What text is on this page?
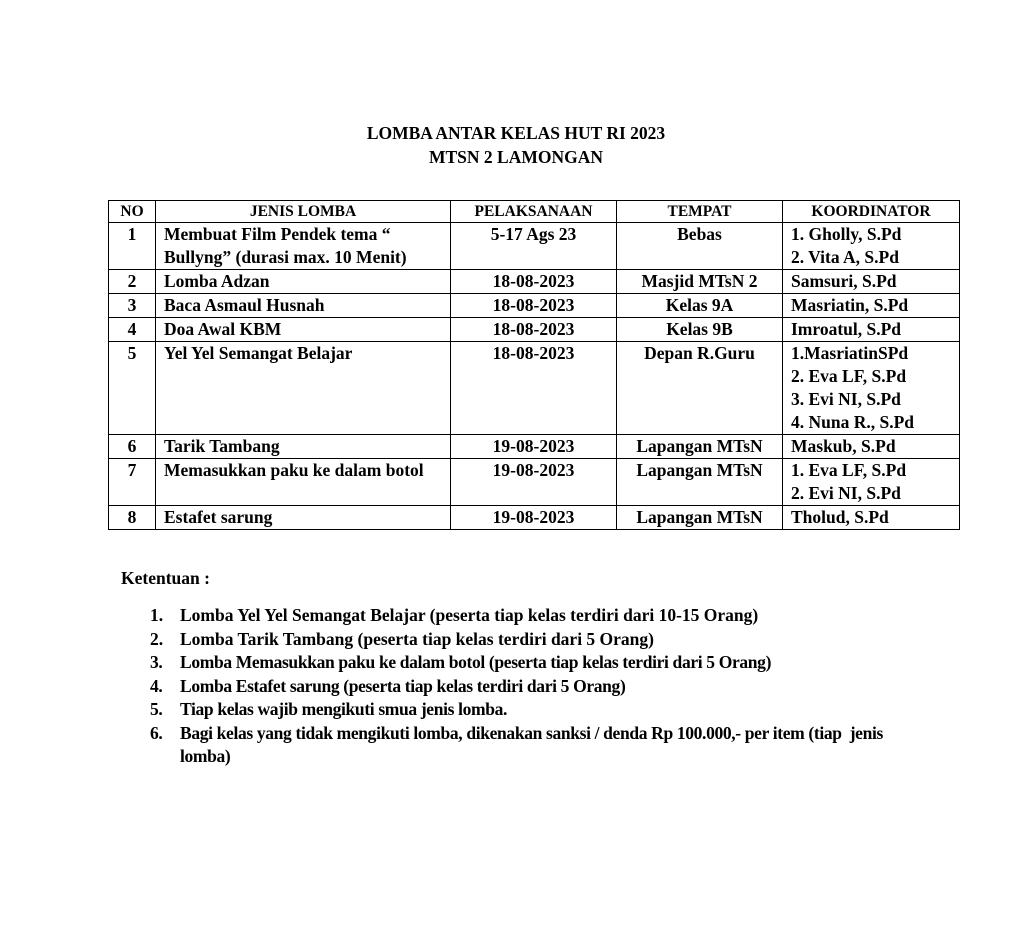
LOMBA ANTAR KELAS HUT RI 2023
MTSN 2 LAMONGAN
NO	JENIS LOMBA	PELAKSANAAN	TEMPAT	KOORDINATOR
1	Membuat Film Pendek tema “ Bullyng” (durasi max. 10 Menit)	5-17 Ags 23	Bebas	1. Gholly, S.Pd
2. Vita A, S.Pd

2	Lomba Adzan	18-08-2023	Masjid MTsN 2	Samsuri, S.Pd

3	Baca Asmaul Husnah	18-08-2023	Kelas 9A	Masriatin, S.Pd

4	Doa Awal KBM	18-08-2023	Kelas 9B	Imroatul, S.Pd

5	Yel Yel Semangat Belajar	18-08-2023	Depan R.Guru	1.MasriatinSPd
2. Eva LF, S.Pd
3. Evi NI, S.Pd
4. Nuna R., S.Pd

6	Tarik Tambang	19-08-2023	Lapangan MTsN	Maskub, S.Pd

7	Memasukkan paku ke dalam botol	19-08-2023	Lapangan MTsN	1. Eva LF, S.Pd
2. Evi NI, S.Pd

8	Estafet sarung	19-08-2023	Lapangan MTsN	Tholud, S.Pd
Ketentuan :
1. Lomba Yel Yel Semangat Belajar (peserta tiap kelas terdiri dari 10-15 Orang)
2. Lomba Tarik Tambang (peserta tiap kelas terdiri dari 5 Orang)
3.	Lomba Memasukkan paku ke dalam botol (peserta tiap kelas terdiri dari 5 Orang)
4.	Lomba Estafet sarung (peserta tiap kelas terdiri dari 5 Orang)
5.	Tiap kelas wajib mengikuti smua jenis lomba.
6.	Bagi kelas yang tidak mengikuti lomba, dikenakan sanksi / denda Rp 100.000,- per item (tiap  jenis lomba)
